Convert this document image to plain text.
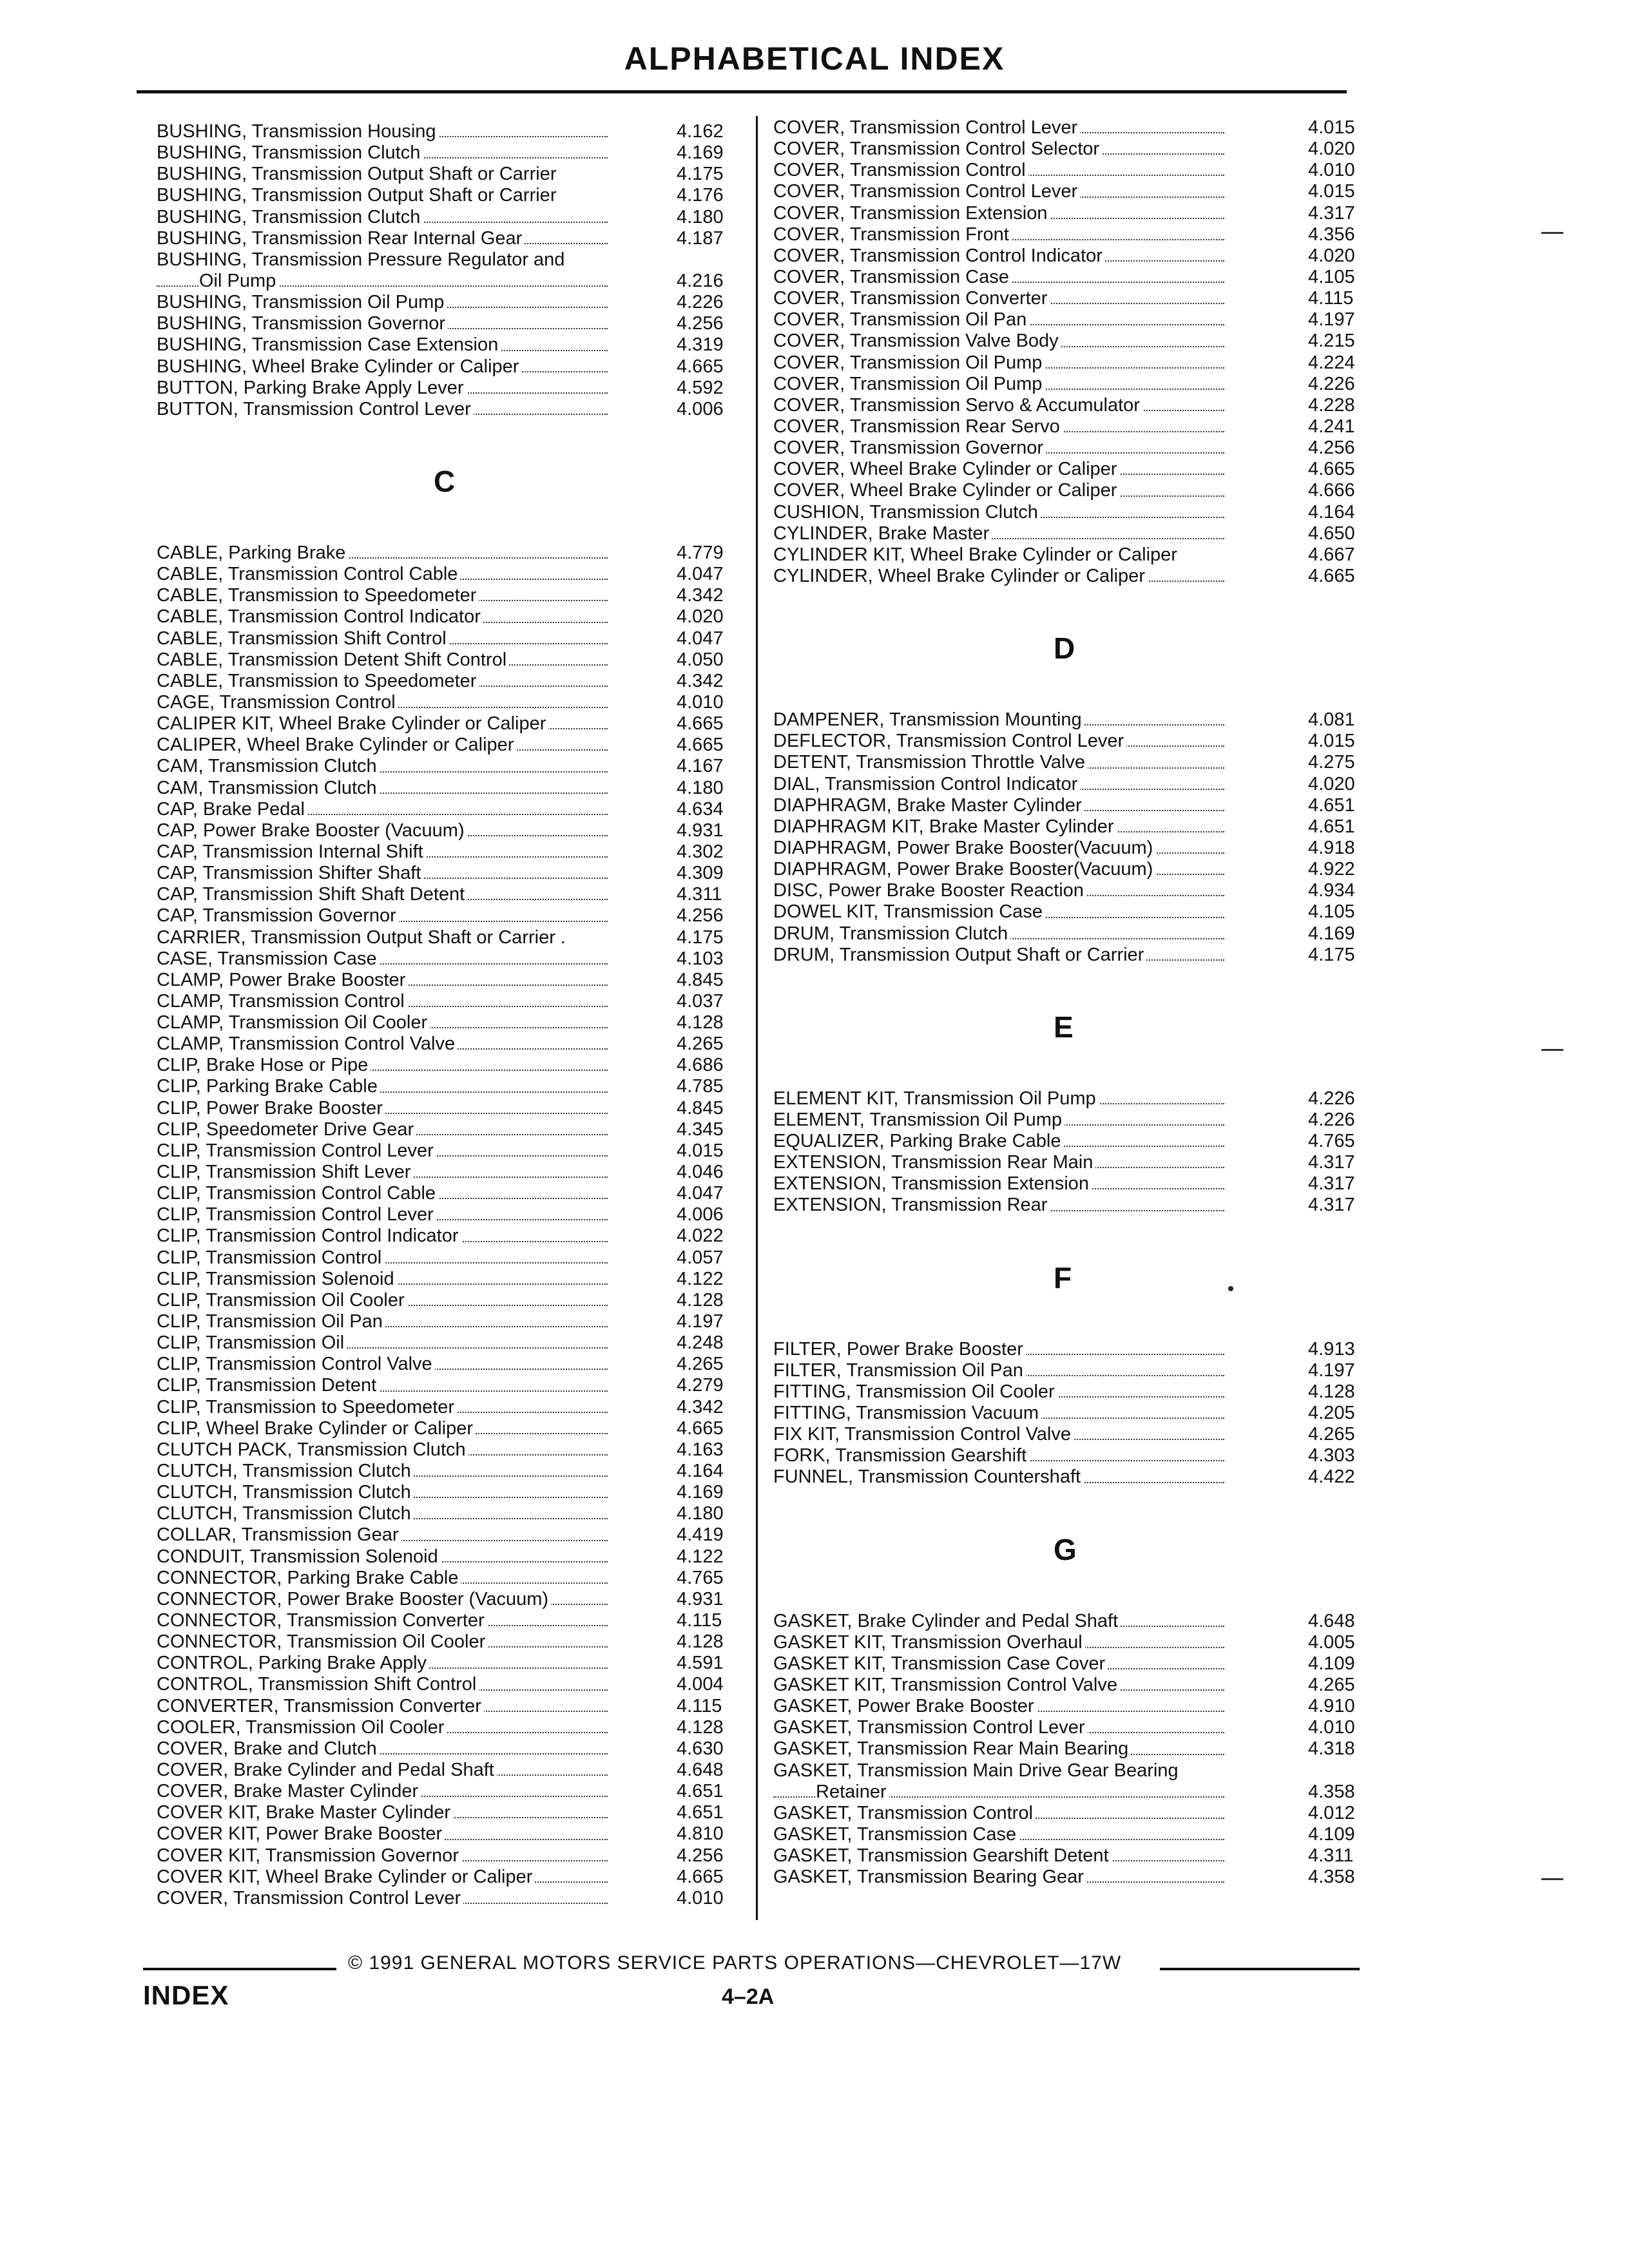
ALPHABETICAL INDEX
BUSHING, Transmission Housing	4.162
BUSHING, Transmission Clutch	4.169
BUSHING, Transmission Output Shaft or Carrier	4.175
BUSHING, Transmission Output Shaft or Carrier	4.176
BUSHING, Transmission Clutch	4.180
BUSHING, Transmission Rear Internal Gear	4.187
BUSHING, Transmission Pressure Regulator and
Oil Pump	4.216
BUSHING, Transmission Oil Pump	4.226
BUSHING, Transmission Governor	4.256
BUSHING, Transmission Case Extension	4.319
BUSHING, Wheel Brake Cylinder or Caliper	4.665
BUTTON, Parking Brake Apply Lever	4.592
BUTTON, Transmission Control Lever	4.006
C
CABLE, Parking Brake	4.779
CABLE, Transmission Control Cable	4.047
CABLE, Transmission to Speedometer	4.342
CABLE, Transmission Control Indicator	4.020
CABLE, Transmission Shift Control	4.047
CABLE, Transmission Detent Shift Control	4.050
CABLE, Transmission to Speedometer	4.342
CAGE, Transmission Control	4.010
CALIPER KIT, Wheel Brake Cylinder or Caliper	4.665
CALIPER, Wheel Brake Cylinder or Caliper	4.665
CAM, Transmission Clutch	4.167
CAM, Transmission Clutch	4.180
CAP, Brake Pedal	4.634
CAP, Power Brake Booster (Vacuum)	4.931
CAP, Transmission Internal Shift	4.302
CAP, Transmission Shifter Shaft	4.309
CAP, Transmission Shift Shaft Detent	4.311
CAP, Transmission Governor	4.256
CARRIER, Transmission Output Shaft or Carrier .	4.175
CASE, Transmission Case	4.103
CLAMP, Power Brake Booster	4.845
CLAMP, Transmission Control	4.037
CLAMP, Transmission Oil Cooler	4.128
CLAMP, Transmission Control Valve	4.265
CLIP, Brake Hose or Pipe	4.686
CLIP, Parking Brake Cable	4.785
CLIP, Power Brake Booster	4.845
CLIP, Speedometer Drive Gear	4.345
CLIP, Transmission Control Lever	4.015
CLIP, Transmission Shift Lever	4.046
CLIP, Transmission Control Cable	4.047
CLIP, Transmission Control Lever	4.006
CLIP, Transmission Control Indicator	4.022
CLIP, Transmission Control	4.057
CLIP, Transmission Solenoid	4.122
CLIP, Transmission Oil Cooler	4.128
CLIP, Transmission Oil Pan	4.197
CLIP, Transmission Oil	4.248
CLIP, Transmission Control Valve	4.265
CLIP, Transmission Detent	4.279
CLIP, Transmission to Speedometer	4.342
CLIP, Wheel Brake Cylinder or Caliper	4.665
CLUTCH PACK, Transmission Clutch	4.163
CLUTCH, Transmission Clutch	4.164
CLUTCH, Transmission Clutch	4.169
CLUTCH, Transmission Clutch	4.180
COLLAR, Transmission Gear	4.419
CONDUIT, Transmission Solenoid	4.122
CONNECTOR, Parking Brake Cable	4.765
CONNECTOR, Power Brake Booster (Vacuum)	4.931
CONNECTOR, Transmission Converter	4.115
CONNECTOR, Transmission Oil Cooler	4.128
CONTROL, Parking Brake Apply	4.591
CONTROL, Transmission Shift Control	4.004
CONVERTER, Transmission Converter	4.115
COOLER, Transmission Oil Cooler	4.128
COVER, Brake and Clutch	4.630
COVER, Brake Cylinder and Pedal Shaft	4.648
COVER, Brake Master Cylinder	4.651
COVER KIT, Brake Master Cylinder	4.651
COVER KIT, Power Brake Booster	4.810
COVER KIT, Transmission Governor	4.256
COVER KIT, Wheel Brake Cylinder or Caliper	4.665
COVER, Transmission Control Lever	4.010
COVER, Transmission Control Lever	4.015
COVER, Transmission Control Selector	4.020
COVER, Transmission Control	4.010
COVER, Transmission Control Lever	4.015
COVER, Transmission Extension	4.317
COVER, Transmission Front	4.356
COVER, Transmission Control Indicator	4.020
COVER, Transmission Case	4.105
COVER, Transmission Converter	4.115
COVER, Transmission Oil Pan	4.197
COVER, Transmission Valve Body	4.215
COVER, Transmission Oil Pump	4.224
COVER, Transmission Oil Pump	4.226
COVER, Transmission Servo & Accumulator	4.228
COVER, Transmission Rear Servo	4.241
COVER, Transmission Governor	4.256
COVER, Wheel Brake Cylinder or Caliper	4.665
COVER, Wheel Brake Cylinder or Caliper	4.666
CUSHION, Transmission Clutch	4.164
CYLINDER, Brake Master	4.650
CYLINDER KIT, Wheel Brake Cylinder or Caliper	4.667
CYLINDER, Wheel Brake Cylinder or Caliper	4.665
D
DAMPENER, Transmission Mounting	4.081
DEFLECTOR, Transmission Control Lever	4.015
DETENT, Transmission Throttle Valve	4.275
DIAL, Transmission Control Indicator	4.020
DIAPHRAGM, Brake Master Cylinder	4.651
DIAPHRAGM KIT, Brake Master Cylinder	4.651
DIAPHRAGM, Power Brake Booster(Vacuum)	4.918
DIAPHRAGM, Power Brake Booster(Vacuum)	4.922
DISC, Power Brake Booster Reaction	4.934
DOWEL KIT, Transmission Case	4.105
DRUM, Transmission Clutch	4.169
DRUM, Transmission Output Shaft or Carrier	4.175
E
ELEMENT KIT, Transmission Oil Pump	4.226
ELEMENT, Transmission Oil Pump	4.226
EQUALIZER, Parking Brake Cable	4.765
EXTENSION, Transmission Rear Main	4.317
EXTENSION, Transmission Extension	4.317
EXTENSION, Transmission Rear	4.317
F
FILTER, Power Brake Booster	4.913
FILTER, Transmission Oil Pan	4.197
FITTING, Transmission Oil Cooler	4.128
FITTING, Transmission Vacuum	4.205
FIX KIT, Transmission Control Valve	4.265
FORK, Transmission Gearshift	4.303
FUNNEL, Transmission Countershaft	4.422
G
GASKET, Brake Cylinder and Pedal Shaft	4.648
GASKET KIT, Transmission Overhaul	4.005
GASKET KIT, Transmission Case Cover	4.109
GASKET KIT, Transmission Control Valve	4.265
GASKET, Power Brake Booster	4.910
GASKET, Transmission Control Lever	4.010
GASKET, Transmission Rear Main Bearing	4.318
GASKET, Transmission Main Drive Gear Bearing
Retainer	4.358
GASKET, Transmission Control	4.012
GASKET, Transmission Case	4.109
GASKET, Transmission Gearshift Detent	4.311
GASKET, Transmission Bearing Gear	4.358
© 1991 GENERAL MOTORS SERVICE PARTS OPERATIONS—CHEVROLET—17W
INDEX	4–2A
